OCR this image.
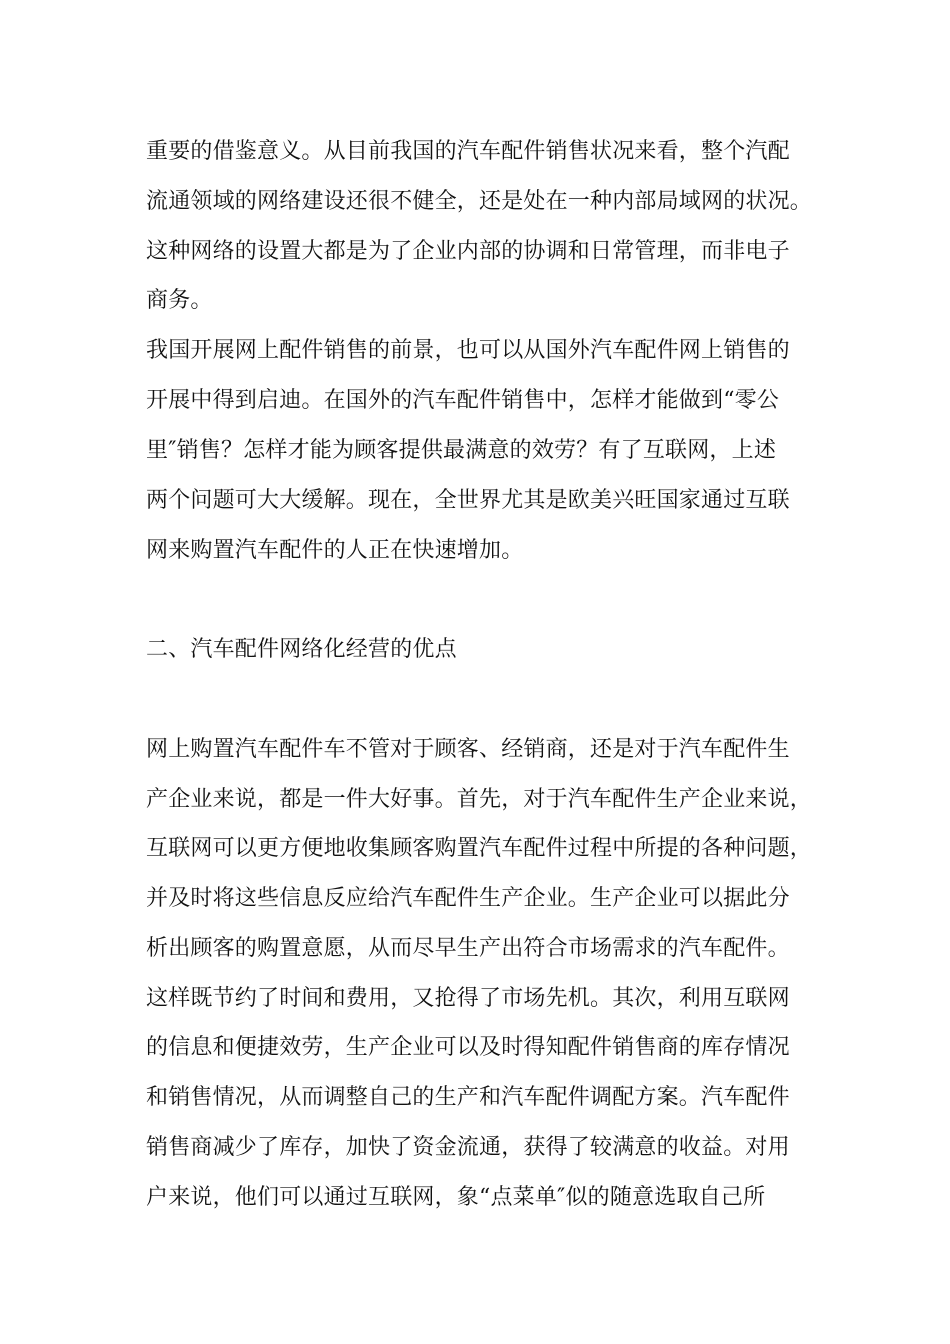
重要的借鉴意义。从目前我国的汽车配件销售状况来看，整个汽配
流通领域的网络建设还很不健全，还是处在一种内部局域网的状况。
这种网络的设置大都是为了企业内部的协调和日常管理，而非电子
商务。
我国开展网上配件销售的前景，也可以从国外汽车配件网上销售的
开展中得到启迪。在国外的汽车配件销售中，怎样才能做到“零公
里″销售？怎样才能为顾客提供最满意的效劳？有了互联网，上述
两个问题可大大缓解。现在，全世界尤其是欧美兴旺国家通过互联
网来购置汽车配件的人正在快速增加。
二、汽车配件网络化经营的优点
网上购置汽车配件车不管对于顾客、经销商，还是对于汽车配件生
产企业来说，都是一件大好事。首先，对于汽车配件生产企业来说，
互联网可以更方便地收集顾客购置汽车配件过程中所提的各种问题，
并及时将这些信息反应给汽车配件生产企业。生产企业可以据此分
析出顾客的购置意愿，从而尽早生产出符合市场需求的汽车配件。
这样既节约了时间和费用，又抢得了市场先机。其次，利用互联网
的信息和便捷效劳，生产企业可以及时得知配件销售商的库存情况
和销售情况，从而调整自己的生产和汽车配件调配方案。汽车配件
销售商减少了库存，加快了资金流通，获得了较满意的收益。对用
户来说，他们可以通过互联网，象“点菜单″似的随意选取自己所
